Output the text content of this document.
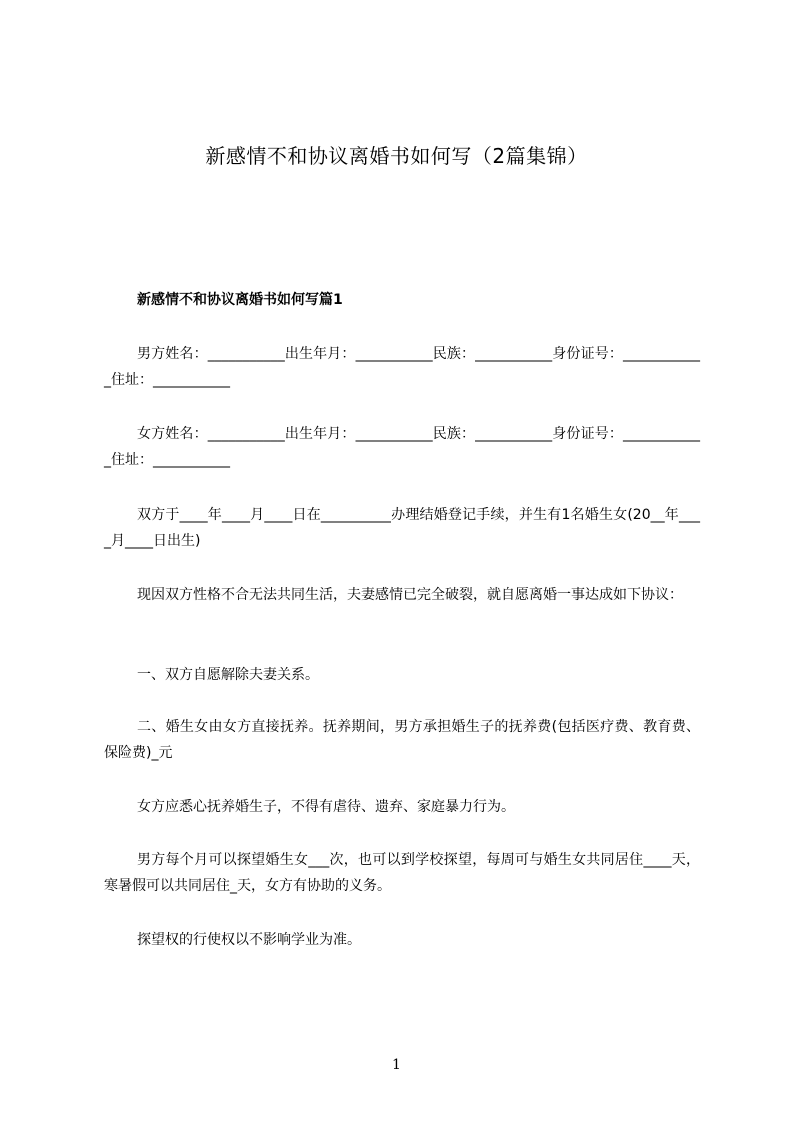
新感情不和协议离婚书如何写（2篇集锦）
新感情不和协议离婚书如何写篇1

男方姓名：___________出生年月：___________民族：___________身份证号：____________住址：___________

女方姓名：___________出生年月：___________民族：___________身份证号：____________住址：___________

双方于____年____月____日在__________办理结婚登记手续，并生有1名婚生女(20__年____月____日出生)

现因双方性格不合无法共同生活，夫妻感情已完全破裂，就自愿离婚一事达成如下协议：

一、双方自愿解除夫妻关系。

二、婚生女由女方直接抚养。抚养期间，男方承担婚生子的抚养费(包括医疗费、教育费、保险费)_元

女方应悉心抚养婚生子，不得有虐待、遗弃、家庭暴力行为。

男方每个月可以探望婚生女___次，也可以到学校探望，每周可与婚生女共同居住____天，寒暑假可以共同居住_天，女方有协助的义务。

探望权的行使权以不影响学业为准。

1
